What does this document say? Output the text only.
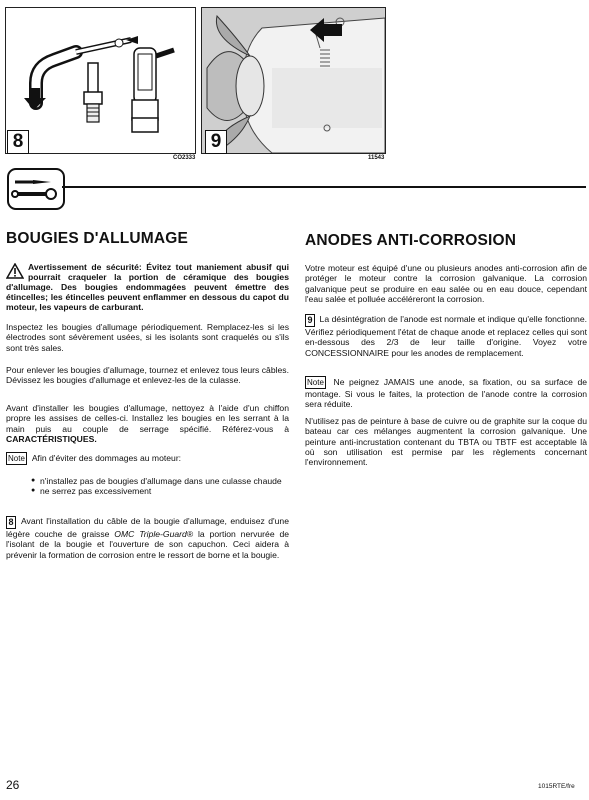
8
CO2333
9
11543
BOUGIES D'ALLUMAGE
Avertissement de sécurité: Évitez tout maniement abusif qui pourrait craqueler la portion de céramique des bougies d'allumage. Des bougies endommagées peuvent émettre des étincelles; les étincelles peuvent enflammer en dessous du capot du moteur, les vapeurs de carburant.

Inspectez les bougies d'allumage périodiquement. Remplacez-les si les électrodes sont sévèrement usées, si les isolants sont craquelés ou s'ils sont très sales.

Pour enlever les bougies d'allumage, tournez et enlevez tous leurs câbles. Dévissez les bougies d'allumage et enlevez-les de la culasse.

Avant d'installer les bougies d'allumage, nettoyez à l'aide d'un chiffon propre les assises de celles-ci. Installez les bougies en les serrant à la main puis au couple de serrage spécifié. Référez-vous à CARACTÉRISTIQUES.

Note Afin d'éviter des dommages au moteur:
● n'installez pas de bougies d'allumage dans une culasse chaude
● ne serrez pas excessivement

8 Avant l'installation du câble de la bougie d'allumage, enduisez d'une légère couche de graisse OMC Triple-Guard® la portion nervurée de l'isolant de la bougie et l'ouverture de son capuchon. Ceci aidera à prévenir la formation de corrosion entre le ressort de borne et la bougie.

ANODES ANTI-CORROSION

Votre moteur est équipé d'une ou plusieurs anodes anti-corrosion afin de protéger le moteur contre la corrosion galvanique. La corrosion galvanique peut se produire en eau salée ou en eau douce, cependant l'eau salée et polluée accéléreront la corrosion.

9 La désintégration de l'anode est normale et indique qu'elle fonctionne. Vérifiez périodiquement l'état de chaque anode et replacez celles qui sont en-dessous des 2/3 de leur taille d'origine. Voyez votre CONCESSIONNAIRE pour les anodes de remplacement.

Note Ne peignez JAMAIS une anode, sa fixation, ou sa surface de montage. Si vous le faites, la protection de l'anode contre la corrosion sera réduite.

N'utilisez pas de peinture à base de cuivre ou de graphite sur la coque du bateau car ces mélanges augmentent la corrosion galvanique. Une peinture anti-incrustation contenant du TBTA ou TBTF est acceptable là où son utilisation est permise par les règlements concernant l'environnement.

26	1015RTE/fre
